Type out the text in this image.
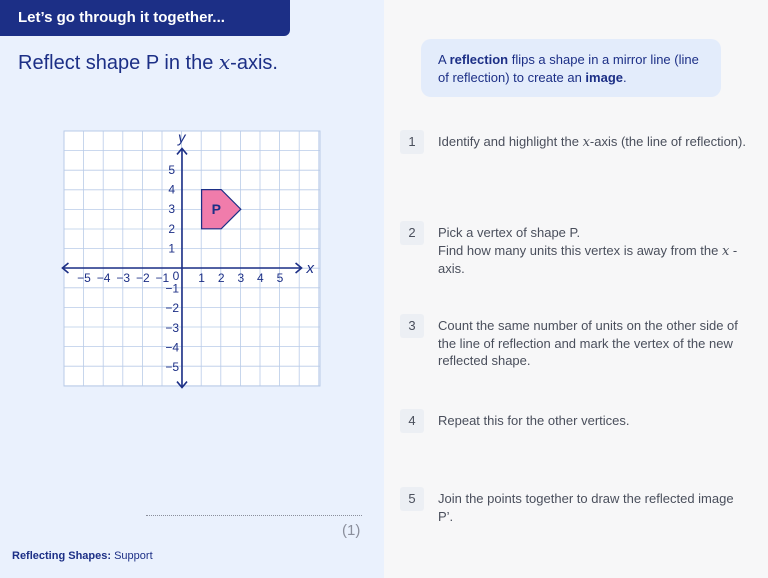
Let’s go through it together...
Reflect shape P in the x-axis.
P
−5 −4 −3 −2 −1 1 2 3 4 5
1
2
3
4
5
−1
−2
−3
−4
−5
0	x
y
(1)
Reflecting Shapes: Support
A reflection flips a shape in a mirror line (line of reflection) to create an image.
1	Identify and highlight the x-axis (the line of reflection).
2	Pick a vertex of shape P.
Find how many units this vertex is away from the x -axis.
3	Count the same number of units on the other side of the line of reflection and mark the vertex of the new reflected shape.
4	Repeat this for the other vertices.
5	Join the points together to draw the reflected image P’.
